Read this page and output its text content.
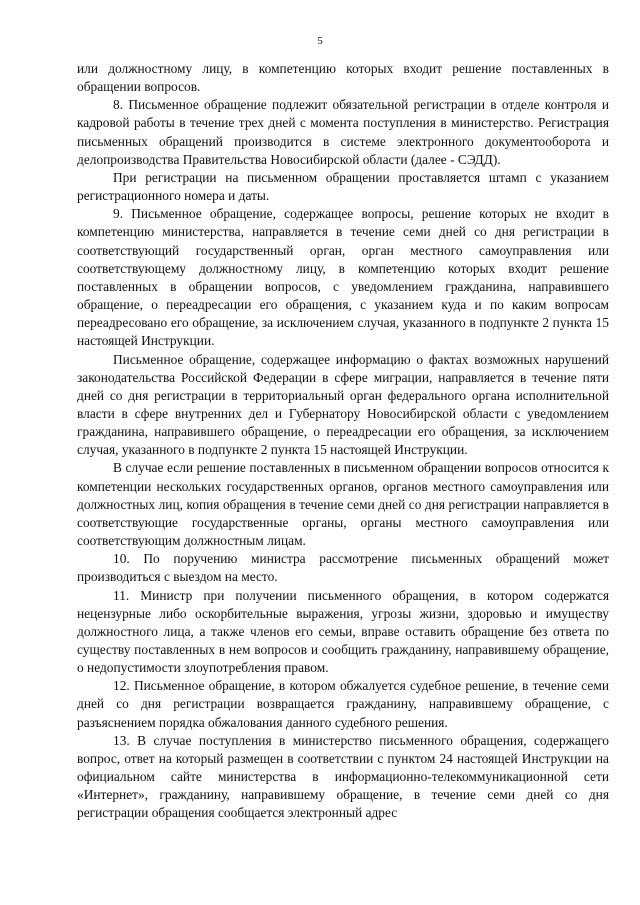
5

или должностному лицу, в компетенцию которых входит решение поставленных в обращении вопросов.

8. Письменное обращение подлежит обязательной регистрации в отделе контроля и кадровой работы в течение трех дней с момента поступления в министерство. Регистрация письменных обращений производится в системе электронного документооборота и делопроизводства Правительства Новосибирской области (далее - СЭДД).

При регистрации на письменном обращении проставляется штамп с указанием регистрационного номера и даты.

9. Письменное обращение, содержащее вопросы, решение которых не входит в компетенцию министерства, направляется в течение семи дней со дня регистрации в соответствующий государственный орган, орган местного самоуправления или соответствующему должностному лицу, в компетенцию которых входит решение поставленных в обращении вопросов, с уведомлением гражданина, направившего обращение, о переадресации его обращения, с указанием куда и по каким вопросам переадресовано его обращение, за исключением случая, указанного в подпункте 2 пункта 15 настоящей Инструкции.

Письменное обращение, содержащее информацию о фактах возможных нарушений законодательства Российской Федерации в сфере миграции, направляется в течение пяти дней со дня регистрации в территориальный орган федерального органа исполнительной власти в сфере внутренних дел и Губернатору Новосибирской области с уведомлением гражданина, направившего обращение, о переадресации его обращения, за исключением случая, указанного в подпункте 2 пункта 15 настоящей Инструкции.

В случае если решение поставленных в письменном обращении вопросов относится к компетенции нескольких государственных органов, органов местного самоуправления или должностных лиц, копия обращения в течение семи дней со дня регистрации направляется в соответствующие государственные органы, органы местного самоуправления или соответствующим должностным лицам.

10. По поручению министра рассмотрение письменных обращений может производиться с выездом на место.

11. Министр при получении письменного обращения, в котором содержатся нецензурные либо оскорбительные выражения, угрозы жизни, здоровью и имуществу должностного лица, а также членов его семьи, вправе оставить обращение без ответа по существу поставленных в нем вопросов и сообщить гражданину, направившему обращение, о недопустимости злоупотребления правом.

12. Письменное обращение, в котором обжалуется судебное решение, в течение семи дней со дня регистрации возвращается гражданину, направившему обращение, с разъяснением порядка обжалования данного судебного решения.

13. В случае поступления в министерство письменного обращения, содержащего вопрос, ответ на который размещен в соответствии с пунктом 24 настоящей Инструкции на официальном сайте министерства в информационно-телекоммуникационной сети «Интернет», гражданину, направившему обращение, в течение семи дней со дня регистрации обращения сообщается электронный адрес
